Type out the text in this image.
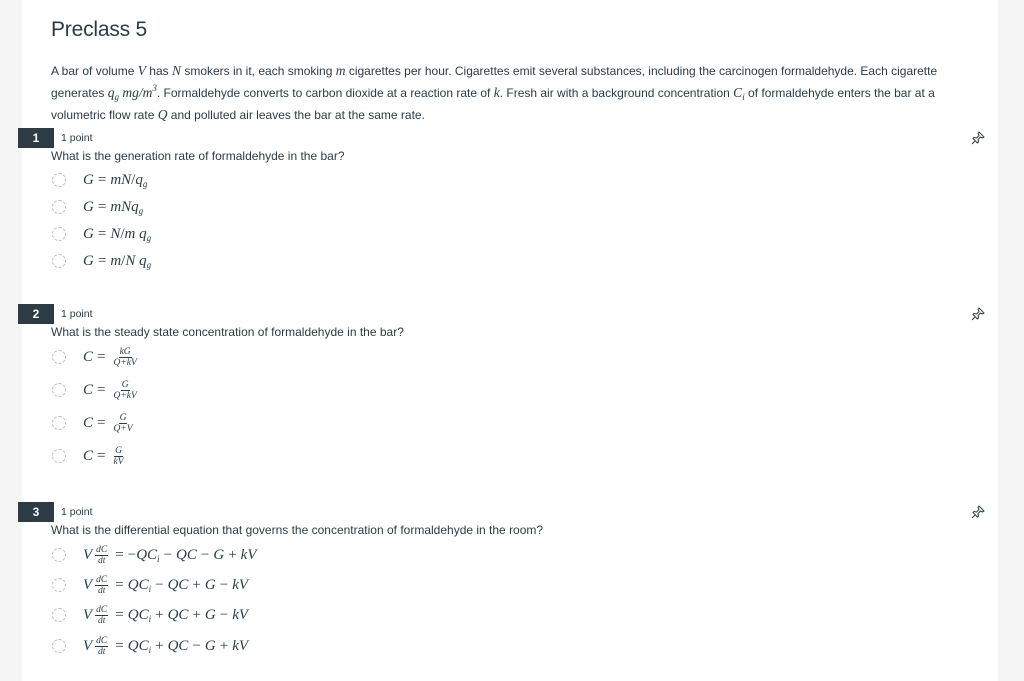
Preclass 5

A bar of volume V has N smokers in it, each smoking m cigarettes per hour. Cigarettes emit several substances, including the carcinogen formaldehyde. Each cigarette generates $q_g$ $mg/m^3$. Formaldehyde converts to carbon dioxide at a reaction rate of k. Fresh air with a background concentration $C_i$ of formaldehyde enters the bar at a volumetric flow rate Q and polluted air leaves the bar at the same rate.

1	1 point
What is the generation rate of formaldehyde in the bar?
G = mN / $q_g$
G = mNq$_g$
G = N / m
$q_g$
G = m / N
$q_g$
2	1 point
What is the steady state concentration of formaldehyde in the bar?
$C = \frac{kG}{Q+kV}$
$C = \frac{G}{Q+kV}$
$C = \frac{G}{Q+V}$
$C = \frac{G}{kV}$
3	1 point
What is the differential equation that governs the concentration of formaldehyde in the room?
V $\frac{dC}{dt}$ = − $QC_i$ − QC − G + kV
V $\frac{dC}{dt} = QC_i$ − QC + G − kV
V $\frac{dC}{dt} = QC_i$ + QC + G − kV
V $\frac{dC}{dt} = QC_i$ + QC − G + kV
